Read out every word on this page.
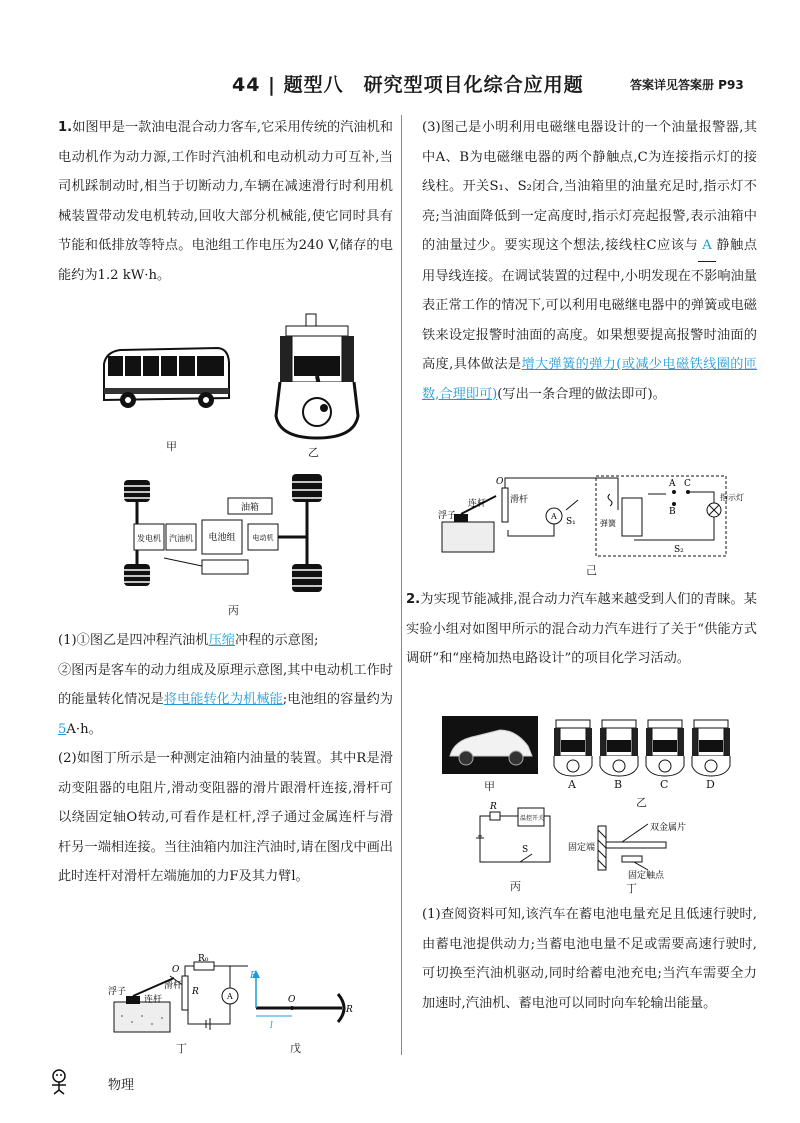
44 | 题型八　研究型项目化综合应用题	答案详见答案册 P93

1.如图甲是一款油电混合动力客车,它采用传统的汽油机和电动机作为动力源,工作时汽油机和电动机动力可互补,当司机踩制动时,相当于切断动力,车辆在减速滑行时利用机械装置带动发电机转动,回收大部分机械能,使它同时具有节能和低排放等特点。电池组工作电压为240 V,储存的电能约为1.2 kW·h。

甲	乙
油箱
发电机 汽油机 电池组 电动机
丙

(1)①图乙是四冲程汽油机压缩冲程的示意图;

②图丙是客车的动力组成及原理示意图,其中电动机工作时的能量转化情况是将电能转化为机械能;电池组的容量约为5A·h。

(2)如图丁所示是一种测定油箱内油量的装置。其中R是滑动变阻器的电阻片,滑动变阻器的滑片跟滑杆连接,滑杆可以绕固定轴O转动,可看作是杠杆,浮子通过金属连杆与滑杆另一端相连接。当往油箱内加注汽油时,请在图戊中画出此时连杆对滑杆左端施加的力F及其力臂l。

R₀
R	A
浮子
连杆
滑杆
O
丁
F
l
O
R
戊

(3)图己是小明利用电磁继电器设计的一个油量报警器,其中A、B为电磁继电器的两个静触点,C为连接指示灯的接线柱。开关S₁、S₂闭合,当油箱里的油量充足时,指示灯不亮;当油面降低到一定高度时,指示灯亮起报警,表示油箱中的油量过少。要实现这个想法,接线柱C应该与 A 静触点用导线连接。在调试装置的过程中,小明发现在不影响油量表正常工作的情况下,可以利用电磁继电器中的弹簧或电磁铁来设定报警时油面的高度。如果想要提高报警时油面的高度,具体做法是增大弹簧的弹力(或减少电磁铁线圈的匝数,合理即可)(写出一条合理的做法即可)。

浮子
连杆	滑杆
O
A
S₁	弹簧
A
B
C
S₂
指示灯
己

2.为实现节能减排,混合动力汽车越来越受到人们的青睐。某实验小组对如图甲所示的混合动力汽车进行了关于“供能方式调研”和“座椅加热电路设计”的项目化学习活动。

甲	A	B	C	D
乙
R
温控开关
S
丙
固定端
双金属片
固定触点
丁

(1)查阅资料可知,该汽车在蓄电池电量充足且低速行驶时,由蓄电池提供动力;当蓄电池电量不足或需要高速行驶时,可切换至汽油机驱动,同时给蓄电池充电;当汽车需要全力加速时,汽油机、蓄电池可以同时向车轮输出能量。

物理
